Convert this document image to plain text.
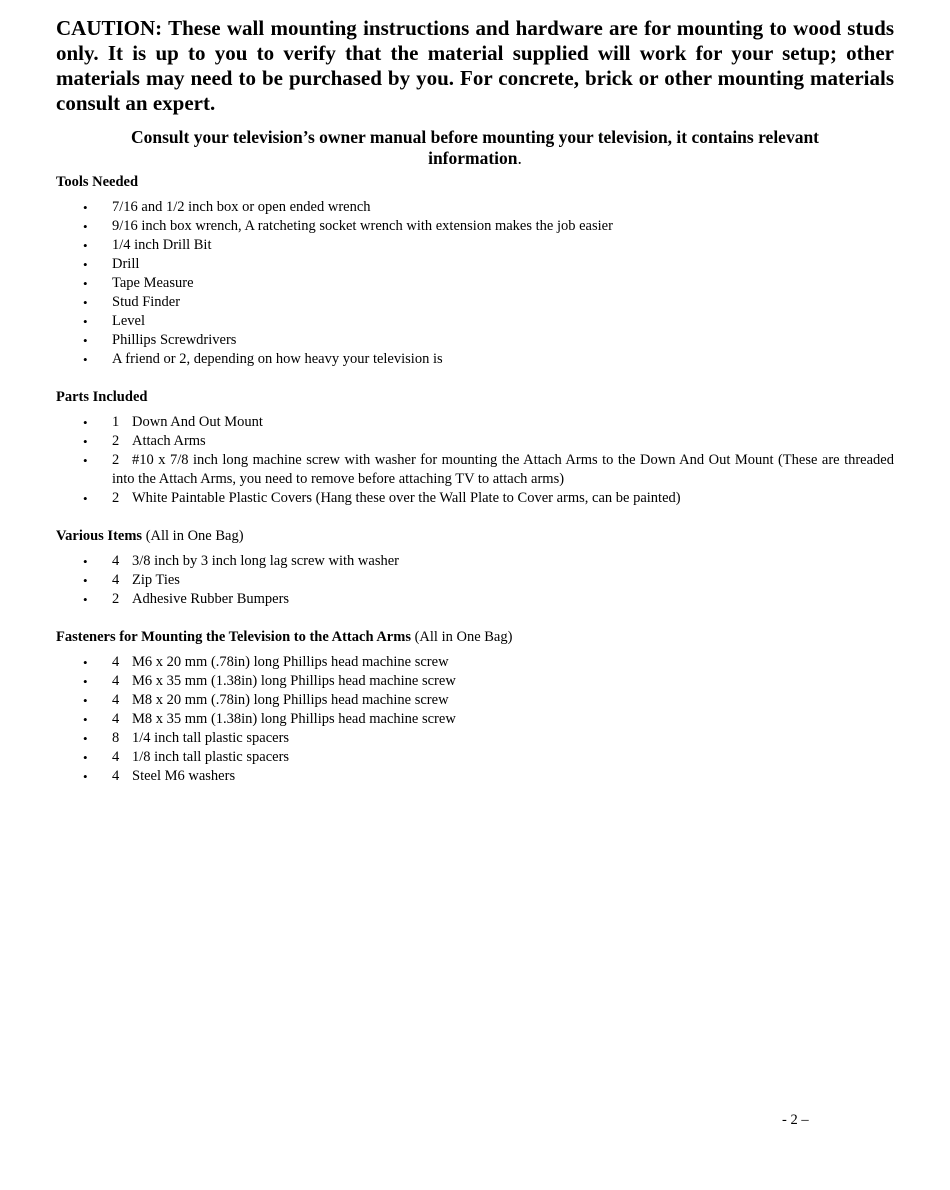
CAUTION: These wall mounting instructions and hardware are for mounting to wood studs only. It is up to you to verify that the material supplied will work for your setup; other materials may need to be purchased by you. For concrete, brick or other mounting materials consult an expert.

Consult your television’s owner manual before mounting your television, it contains relevant information.

Tools Needed

• 7/16 and 1/2 inch box or open ended wrench
• 9/16 inch box wrench, A ratcheting socket wrench with extension makes the job easier
• 1/4 inch Drill Bit
• Drill
• Tape Measure
• Stud Finder
• Level
• Phillips Screwdrivers
• A friend or 2, depending on how heavy your television is

Parts Included

• 1 Down And Out Mount
• 2 Attach Arms
• 2 #10 x 7/8 inch long machine screw with washer for mounting the Attach Arms to the Down And Out Mount (These are threaded into the Attach Arms, you need to remove before attaching TV to attach arms)
• 2 White Paintable Plastic Covers (Hang these over the Wall Plate to Cover arms, can be painted)

Various Items (All in One Bag)

• 4 3/8 inch by 3 inch long lag screw with washer
• 4 Zip Ties
• 2 Adhesive Rubber Bumpers

Fasteners for Mounting the Television to the Attach Arms (All in One Bag)

• 4 M6 x 20 mm (.78in) long Phillips head machine screw
• 4 M6 x 35 mm (1.38in) long Phillips head machine screw
• 4 M8 x 20 mm (.78in) long Phillips head machine screw
• 4 M8 x 35 mm (1.38in) long Phillips head machine screw
• 8 1/4 inch tall plastic spacers
• 4 1/8 inch tall plastic spacers
• 4 Steel M6 washers
- 2 –
